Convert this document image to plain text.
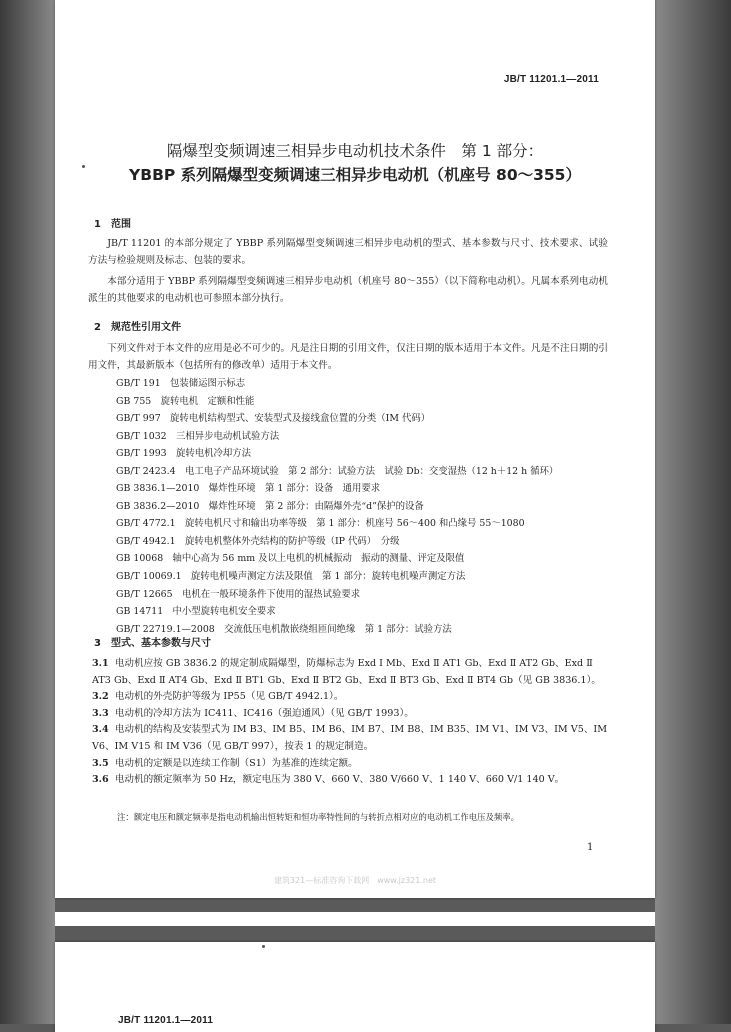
JB/T 11201.1—2011
隔爆型变频调速三相异步电动机技术条件　第 1 部分：
YBBP 系列隔爆型变频调速三相异步电动机（机座号 80～355）
1　范围
JB/T 11201 的本部分规定了 YBBP 系列隔爆型变频调速三相异步电动机的型式、基本参数与尺寸、技术要求、试验方法与检验规则及标志、包装的要求。
本部分适用于 YBBP 系列隔爆型变频调速三相异步电动机（机座号 80～355）（以下简称电动机）。凡属本系列电动机派生的其他要求的电动机也可参照本部分执行。
2　规范性引用文件
下列文件对于本文件的应用是必不可少的。凡是注日期的引用文件，仅注日期的版本适用于本文件。凡是不注日期的引用文件，其最新版本（包括所有的修改单）适用于本文件。
GB/T 191　包装储运图示标志
GB 755　旋转电机　定额和性能
GB/T 997　旋转电机结构型式、安装型式及接线盒位置的分类（IM 代码）
GB/T 1032　三相异步电动机试验方法
GB/T 1993　旋转电机冷却方法
GB/T 2423.4　电工电子产品环境试验　第 2 部分：试验方法　试验 Db：交变湿热（12 h＋12 h 循环）
GB 3836.1—2010　爆炸性环境　第 1 部分：设备　通用要求
GB 3836.2—2010　爆炸性环境　第 2 部分：由隔爆外壳“d”保护的设备
GB/T 4772.1　旋转电机尺寸和输出功率等级　第 1 部分：机座号 56～400 和凸缘号 55～1080
GB/T 4942.1　旋转电机整体外壳结构的防护等级（IP 代码）　分级
GB 10068　轴中心高为 56 mm 及以上电机的机械振动　振动的测量、评定及限值
GB/T 10069.1　旋转电机噪声测定方法及限值　第 1 部分：旋转电机噪声测定方法
GB/T 12665　电机在一般环境条件下使用的湿热试验要求
GB 14711　中小型旋转电机安全要求
GB/T 22719.1—2008　交流低压电机散嵌绕组匝间绝缘　第 1 部分：试验方法
3　型式、基本参数与尺寸
3.1 电动机应按 GB 3836.2 的规定制成隔爆型，防爆标志为 Exd Ⅰ Mb、Exd Ⅱ AT1 Gb、Exd Ⅱ AT2 Gb、Exd Ⅱ AT3 Gb、Exd Ⅱ AT4 Gb、Exd Ⅱ BT1 Gb、Exd Ⅱ BT2 Gb、Exd Ⅱ BT3 Gb、Exd Ⅱ BT4 Gb（见 GB 3836.1）。
3.2 电动机的外壳防护等级为 IP55（见 GB/T 4942.1）。
3.3 电动机的冷却方法为 IC411、IC416（强迫通风）（见 GB/T 1993）。
3.4 电动机的结构及安装型式为 IM B3、IM B5、IM B6、IM B7、IM B8、IM B35、IM V1、IM V3、IM V5、IM V6、IM V15 和 IM V36（见 GB/T 997），按表 1 的规定制造。
3.5 电动机的定额是以连续工作制（S1）为基准的连续定额。
3.6 电动机的额定频率为 50 Hz，额定电压为 380 V、660 V、380 V/660 V、1 140 V、660 V/1 140 V。
注：额定电压和额定频率是指电动机输出恒转矩和恒功率特性间的与转折点相对应的电动机工作电压及频率。
1
建筑321—标准咨询下载网　www.jz321.net
JB/T 11201.1—2011
